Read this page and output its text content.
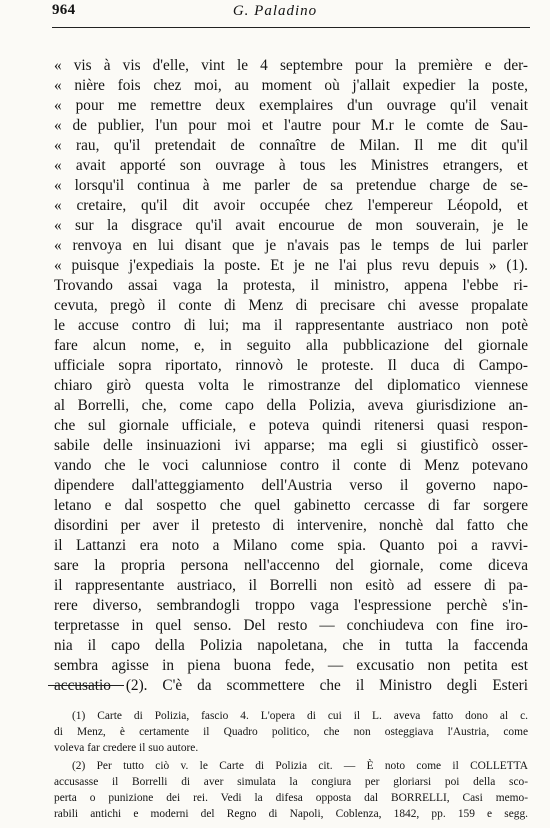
964	G. Paladino
« vis à vis d'elle, vint le 4 septembre pour la première e der-
« nière fois chez moi, au moment où j'allait expedier la poste,
« pour me remettre deux exemplaires d'un ouvrage qu'il venait
« de publier, l'un pour moi et l'autre pour M.r le comte de Sau-
« rau, qu'il pretendait de connaître de Milan. Il me dit qu'il
« avait apporté son ouvrage à tous les Ministres etrangers, et
« lorsqu'il continua à me parler de sa pretendue charge de se-
« cretaire, qu'il dit avoir occupée chez l'empereur Léopold, et
« sur la disgrace qu'il avait encourue de mon souverain, je le
« renvoya en lui disant que je n'avais pas le temps de lui parler
« puisque j'expediais la poste. Et je ne l'ai plus revu depuis » (1).
Trovando assai vaga la protesta, il ministro, appena l'ebbe ri-
cevuta, pregò il conte di Menz di precisare chi avesse propalate
le accuse contro di lui; ma il rappresentante austriaco non potè
fare alcun nome, e, in seguito alla pubblicazione del giornale
ufficiale sopra riportato, rinnovò le proteste. Il duca di Campo-
chiaro girò questa volta le rimostranze del diplomatico viennese
al Borrelli, che, come capo della Polizia, aveva giurisdizione an-
che sul giornale ufficiale, e poteva quindi ritenersi quasi respon-
sabile delle insinuazioni ivi apparse; ma egli si giustificò osser-
vando che le voci calunniose contro il conte di Menz potevano
dipendere dall'atteggiamento dell'Austria verso il governo napo-
letano e dal sospetto che quel gabinetto cercasse di far sorgere
disordini per aver il pretesto di intervenire, nonchè dal fatto che
il Lattanzi era noto a Milano come spia. Quanto poi a ravvi-
sare la propria persona nell'accenno del giornale, come diceva
il rappresentante austriaco, il Borrelli non esitò ad essere di pa-
rere diverso, sembrandogli troppo vaga l'espressione perchè s'in-
terpretasse in quel senso. Del resto — conchiudeva con fine iro-
nia il capo della Polizia napoletana, che in tutta la faccenda
sembra agisse in piena buona fede, — excusatio non petita est
accusatio (2). C'è da scommettere che il Ministro degli Esteri
(1) Carte di Polizia, fascio 4. L'opera di cui il L. aveva fatto dono al c.
di Menz, è certamente il Quadro politico, che non osteggiava l'Austria, come
voleva far credere il suo autore.
(2) Per tutto ciò v. le Carte di Polizia cit. — È noto come il COLLETTA
accusasse il Borrelli di aver simulata la congiura per gloriarsi poi della sco-
perta o punizione dei rei. Vedi la difesa opposta dal BORRELLI, Casi memo-
rabili antichi e moderni del Regno di Napoli, Coblenza, 1842, pp. 159 e segg.
